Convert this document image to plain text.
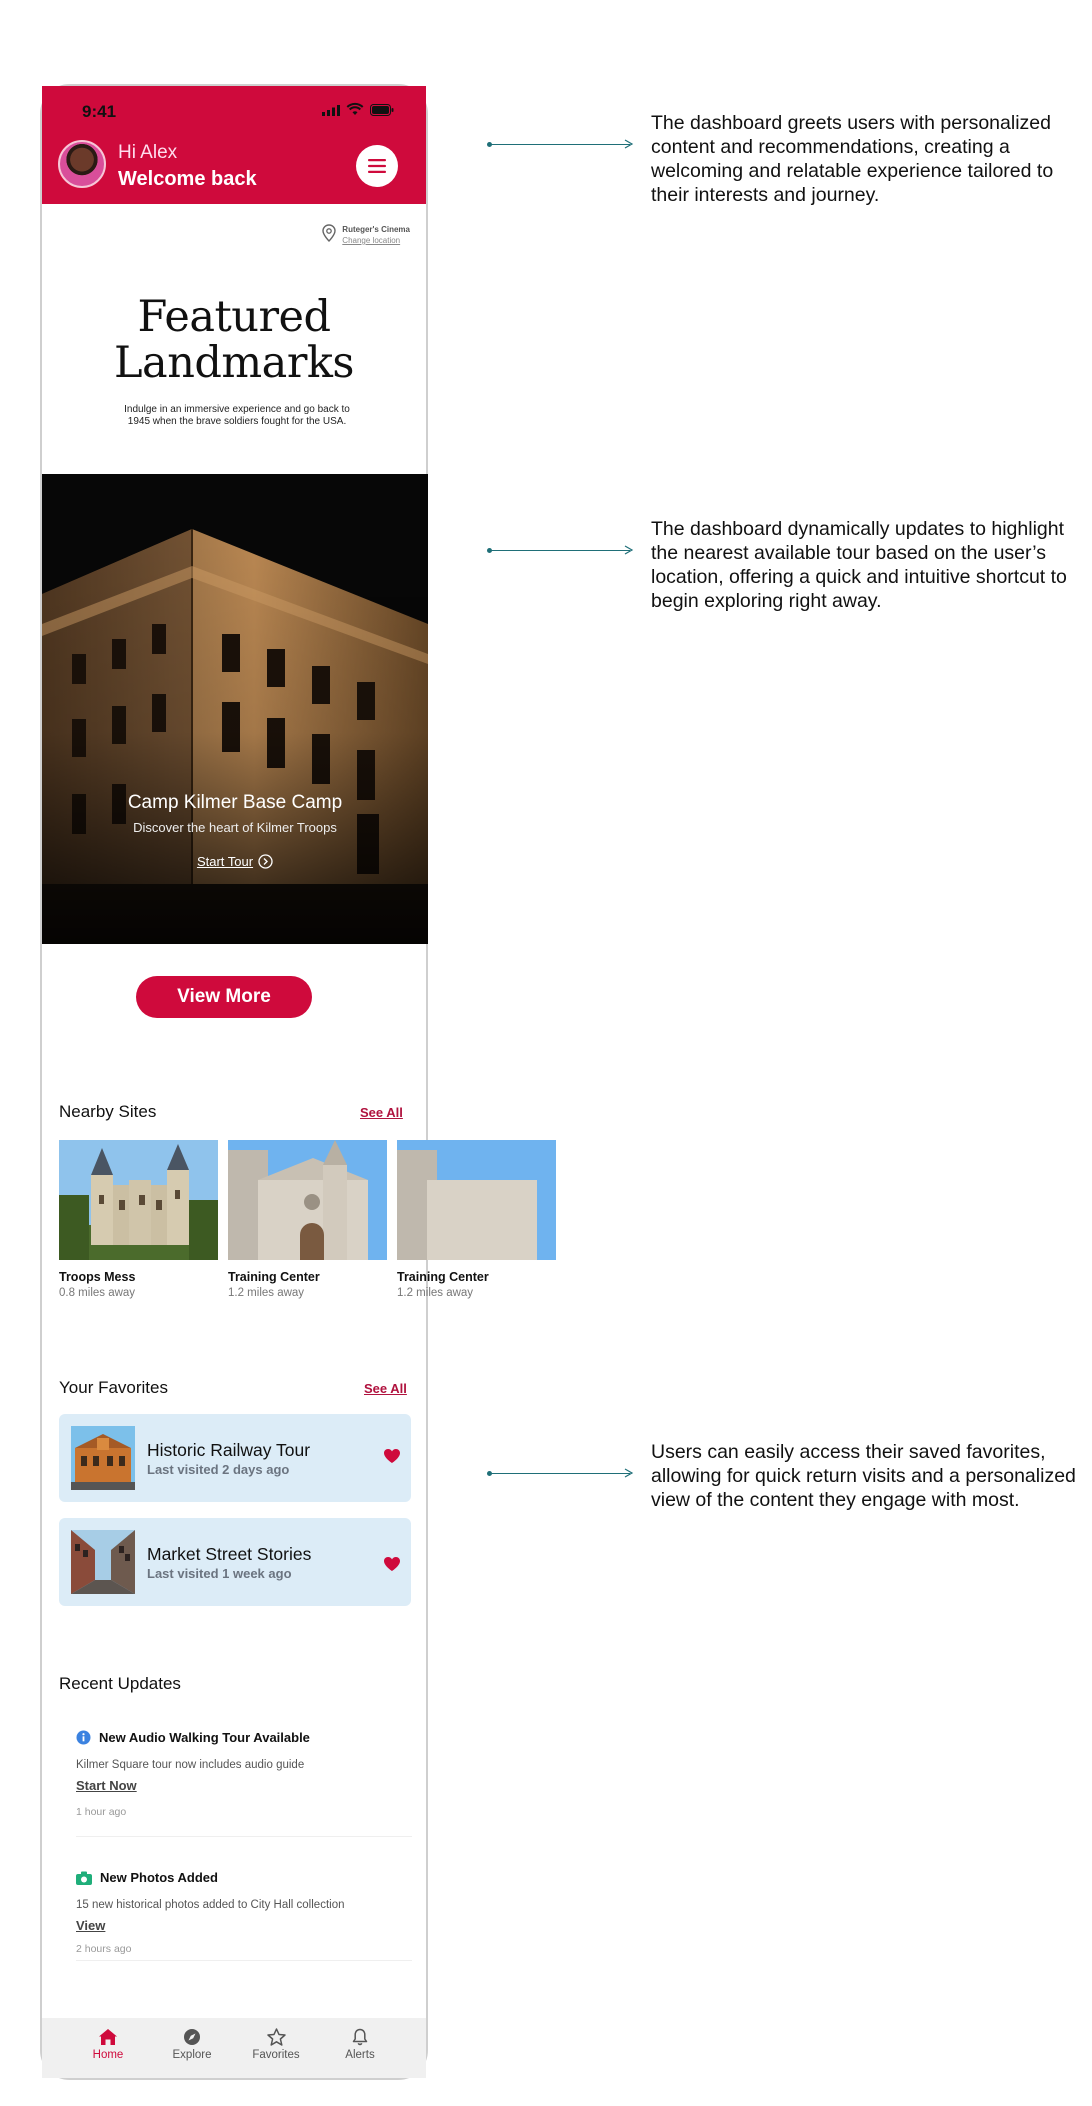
9:41
Hi Alex
Welcome back
Ruteger's Cinema
Change location
Featured
Landmarks
Indulge in an immersive experience and go back to 1945 when the brave soldiers fought for the USA.
Camp Kilmer Base Camp
Discover the heart of Kilmer Troops
Start Tour
View More
Nearby Sites	See All
Troops Mess
0.8 miles away
Training Center
1.2 miles away
Training Center
1.2 miles away
Your Favorites	See All
Historic Railway Tour
Last visited 2 days ago
Market Street Stories
Last visited 1 week ago
Recent Updates
New Audio Walking Tour Available
Kilmer Square tour now includes audio guide
Start Now
1 hour ago
New Photos Added
15 new historical photos added to City Hall collection
View
2 hours ago
Home	Explore	Favorites	Alerts
The dashboard greets users with personalized content and recommendations, creating a welcoming and relatable experience tailored to their interests and journey.
The dashboard dynamically updates to highlight the nearest available tour based on the user’s location, offering a quick and intuitive shortcut to begin exploring right away.
Users can easily access their saved favorites, allowing for quick return visits and a personalized view of the content they engage with most.
